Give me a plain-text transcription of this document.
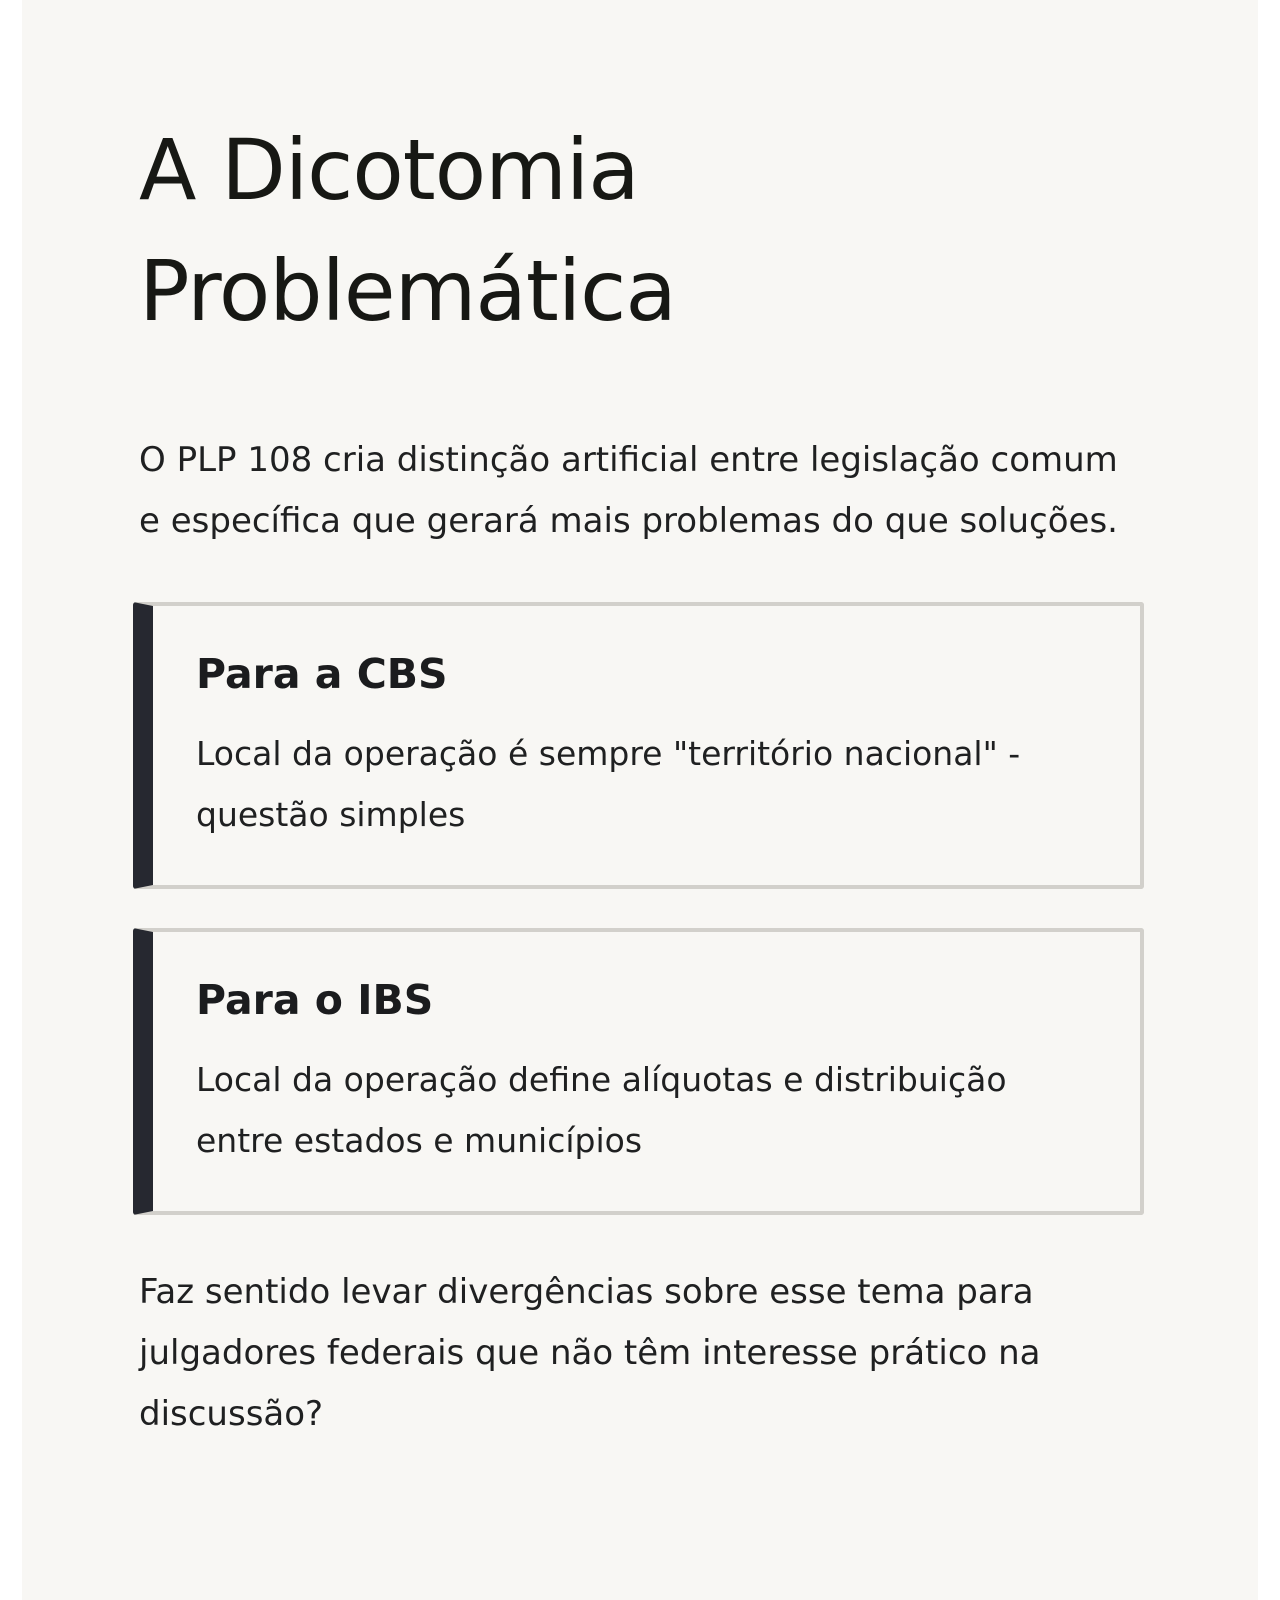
A Dicotomia
Problemática

O PLP 108 cria distinção artificial entre legislação comum e específica que gerará mais problemas do que soluções.

Para a CBS

Local da operação é sempre "território nacional" - questão simples

Para o IBS

Local da operação define alíquotas e distribuição entre estados e municípios

Faz sentido levar divergências sobre esse tema para julgadores federais que não têm interesse prático na discussão?
